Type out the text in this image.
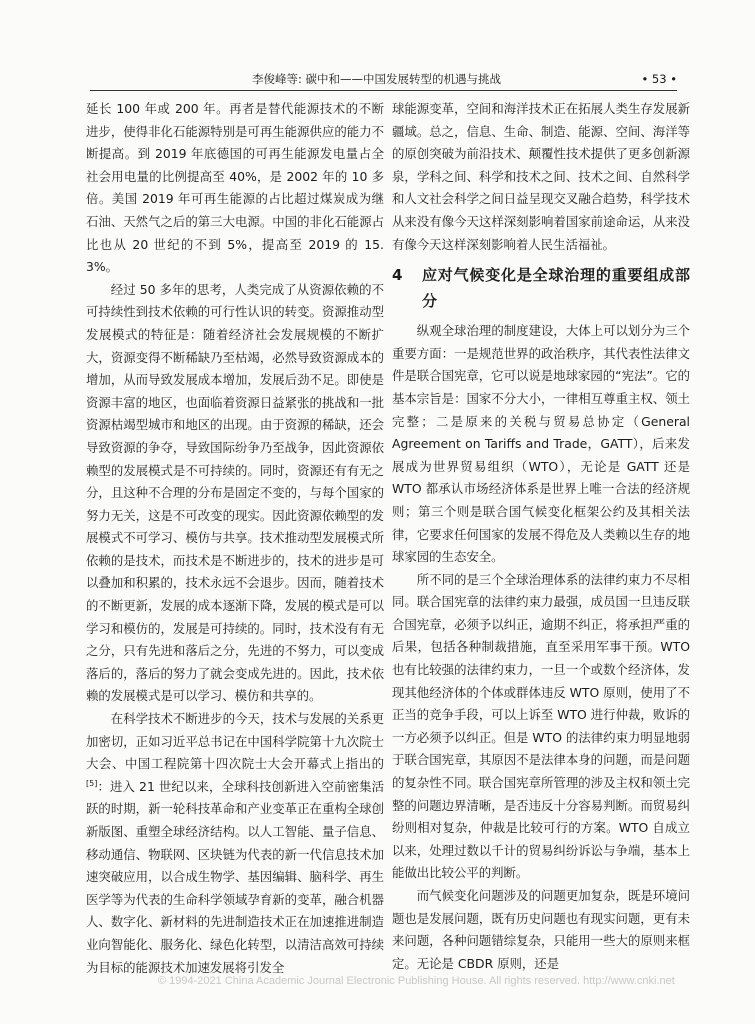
李俊峰等: 碳中和——中国发展转型的机遇与挑战	• 53 •

延长 100 年或 200 年。再者是替代能源技术的不断进步，使得非化石能源特别是可再生能源供应的能力不断提高。到 2019 年底德国的可再生能源发电量占全社会用电量的比例提高至 40%，是 2002 年的 10 多倍。美国 2019 年可再生能源的占比超过煤炭成为继石油、天然气之后的第三大电源。中国的非化石能源占比也从 20 世纪的不到 5%，提高至 2019 的 15. 3%。

经过 50 多年的思考，人类完成了从资源依赖的不可持续性到技术依赖的可行性认识的转变。资源推动型发展模式的特征是：随着经济社会发展规模的不断扩大，资源变得不断稀缺乃至枯竭，必然导致资源成本的增加，从而导致发展成本增加，发展后劲不足。即使是资源丰富的地区，也面临着资源日益紧张的挑战和一批资源枯竭型城市和地区的出现。由于资源的稀缺，还会导致资源的争夺，导致国际纷争乃至战争，因此资源依赖型的发展模式是不可持续的。同时，资源还有有无之分，且这种不合理的分布是固定不变的，与每个国家的努力无关，这是不可改变的现实。因此资源依赖型的发展模式不可学习、模仿与共享。技术推动型发展模式所依赖的是技术，而技术是不断进步的，技术的进步是可以叠加和积累的，技术永远不会退步。因而，随着技术的不断更新，发展的成本逐渐下降，发展的模式是可以学习和模仿的，发展是可持续的。同时，技术没有有无之分，只有先进和落后之分，先进的不努力，可以变成落后的，落后的努力了就会变成先进的。因此，技术依赖的发展模式是可以学习、模仿和共享的。

在科学技术不断进步的今天，技术与发展的关系更加密切，正如习近平总书记在中国科学院第十九次院士大会、中国工程院第十四次院士大会开幕式上指出的[5]：进入 21 世纪以来，全球科技创新进入空前密集活跃的时期，新一轮科技革命和产业变革正在重构全球创新版图、重塑全球经济结构。以人工智能、量子信息、移动通信、物联网、区块链为代表的新一代信息技术加速突破应用，以合成生物学、基因编辑、脑科学、再生医学等为代表的生命科学领域孕育新的变革，融合机器人、数字化、新材料的先进制造技术正在加速推进制造业向智能化、服务化、绿色化转型，以清洁高效可持续为目标的能源技术加速发展将引发全

球能源变革，空间和海洋技术正在拓展人类生存发展新疆域。总之，信息、生命、制造、能源、空间、海洋等的原创突破为前沿技术、颠覆性技术提供了更多创新源泉，学科之间、科学和技术之间、技术之间、自然科学和人文社会科学之间日益呈现交叉融合趋势，科学技术从来没有像今天这样深刻影响着国家前途命运，从来没有像今天这样深刻影响着人民生活福祉。

4	应对气候变化是全球治理的重要组成部分

纵观全球治理的制度建设，大体上可以划分为三个重要方面：一是规范世界的政治秩序，其代表性法律文件是联合国宪章，它可以说是地球家园的“宪法”。它的基本宗旨是：国家不分大小，一律相互尊重主权、领土完整；二是原来的关税与贸易总协定（General Agreement on Tariffs and Trade，GATT），后来发展成为世界贸易组织（WTO），无论是 GATT 还是 WTO 都承认市场经济体系是世界上唯一合法的经济规则；第三个则是联合国气候变化框架公约及其相关法律，它要求任何国家的发展不得危及人类赖以生存的地球家园的生态安全。

所不同的是三个全球治理体系的法律约束力不尽相同。联合国宪章的法律约束力最强，成员国一旦违反联合国宪章，必须予以纠正，逾期不纠正，将承担严重的后果，包括各种制裁措施，直至采用军事干预。WTO 也有比较强的法律约束力，一旦一个或数个经济体，发现其他经济体的个体或群体违反 WTO 原则，使用了不正当的竞争手段，可以上诉至 WTO 进行仲裁，败诉的一方必须予以纠正。但是 WTO 的法律约束力明显地弱于联合国宪章，其原因不是法律本身的问题，而是问题的复杂性不同。联合国宪章所管理的涉及主权和领土完整的问题边界清晰，是否违反十分容易判断。而贸易纠纷则相对复杂，仲裁是比较可行的方案。WTO 自成立以来，处理过数以千计的贸易纠纷诉讼与争端，基本上能做出比较公平的判断。

而气候变化问题涉及的问题更加复杂，既是环境问题也是发展问题，既有历史问题也有现实问题，更有未来问题，各种问题错综复杂，只能用一些大的原则来框定。无论是 CBDR 原则，还是

© 1994-2021 China Academic Journal Electronic Publishing House. All rights reserved. http://www.cnki.net
